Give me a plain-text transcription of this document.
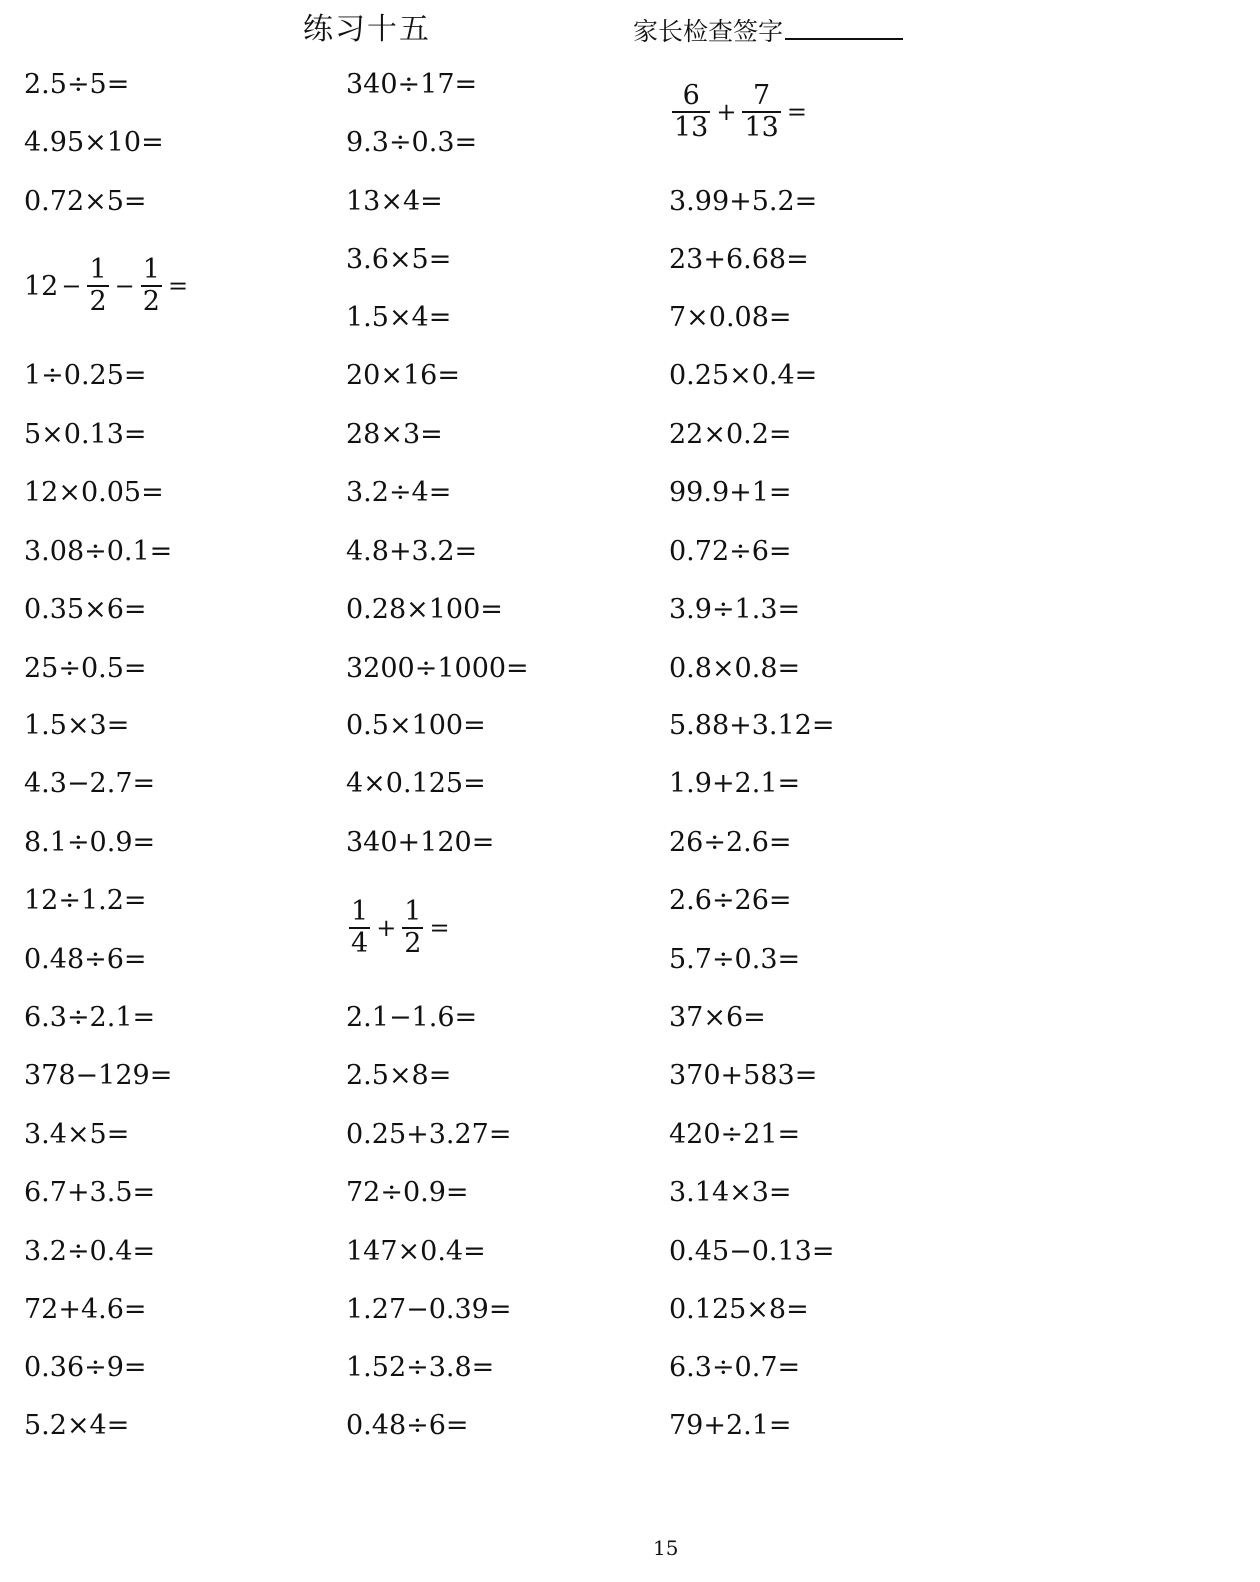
练习十五	家长检查签字
2.5÷5=
4.95×10=
0.72×5=
$12 - \frac{1}{2} - \frac{1}{2}$ =
1÷0.25=
5×0.13=
12×0.05=
3.08÷0.1=
0.35×6=
25÷0.5=
1.5×3=
4.3−2.7=
8.1÷0.9=
12÷1.2=
0.48÷6=
6.3÷2.1=
378−129=
3.4×5=
6.7+3.5=
3.2÷0.4=
72+4.6=
0.36÷9=
5.2×4=
340÷17=
9.3÷0.3=
13×4=
3.6×5=
1.5×4=
20×16=
28×3=
3.2÷4=
4.8+3.2=
0.28×100=
3200÷1000=
0.5×100=
4×0.125=
340+120=
$\frac{1}{4} + \frac{1}{2}$ =
2.1−1.6=
2.5×8=
0.25+3.27=
72÷0.9=
147×0.4=
1.27−0.39=
1.52÷3.8=
0.48÷6=
$\frac{6}{13} + \frac{7}{13}$ =
3.99+5.2=
23+6.68=
7×0.08=
0.25×0.4=
22×0.2=
99.9+1=
0.72÷6=
3.9÷1.3=
0.8×0.8=
5.88+3.12=
1.9+2.1=
26÷2.6=
2.6÷26=
5.7÷0.3=
37×6=
370+583=
420÷21=
3.14×3=
0.45−0.13=
0.125×8=
6.3÷0.7=
79+2.1=
15
